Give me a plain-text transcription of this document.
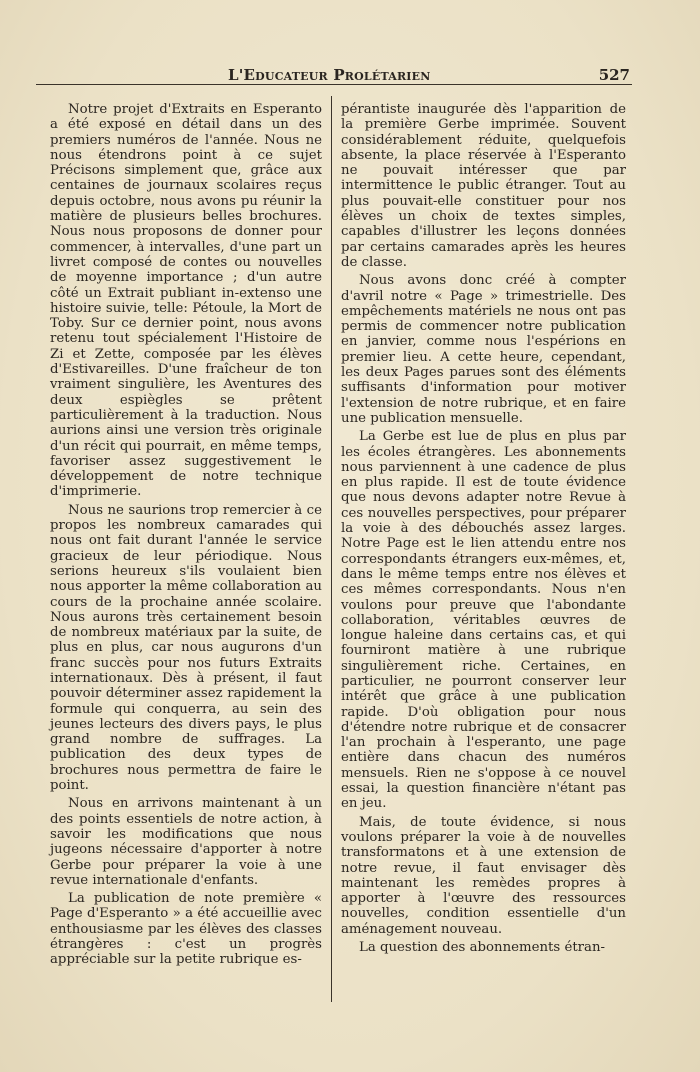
L'Educateur Prolétarien	527

Notre projet d'Extraits en Esperanto a été exposé en détail dans un des premiers numéros de l'année. Nous ne nous étendrons point à ce sujet Précisons simplement que, grâce aux centaines de journaux scolaires reçus depuis octobre, nous avons pu réunir la matière de plusieurs belles brochures. Nous nous proposons de donner pour commencer, à intervalles, d'une part un livret composé de contes ou nouvelles de moyenne importance ; d'un autre côté un Extrait publiant in-extenso une histoire suivie, telle: Pétoule, la Mort de Toby. Sur ce dernier point, nous avons retenu tout spécialement l'Histoire de Zi et Zette, composée par les élèves d'Estivareilles. D'une fraîcheur de ton vraiment singulière, les Aventures des deux espiègles se prêtent particulièrement à la traduction. Nous aurions ainsi une version très originale d'un récit qui pourrait, en même temps, favoriser assez suggestivement le développement de notre technique d'imprimerie.

Nous ne saurions trop remercier à ce propos les nombreux camarades qui nous ont fait durant l'année le service gracieux de leur périodique. Nous serions heureux s'ils voulaient bien nous apporter la même collaboration au cours de la prochaine année scolaire. Nous aurons très certainement besoin de nombreux matériaux par la suite, de plus en plus, car nous augurons d'un franc succès pour nos futurs Extraits internationaux. Dès à présent, il faut pouvoir déterminer assez rapidement la formule qui conquerra, au sein des jeunes lecteurs des divers pays, le plus grand nombre de suffrages. La publication des deux types de brochures nous permettra de faire le point.

Nous en arrivons maintenant à un des points essentiels de notre action, à savoir les modifications que nous jugeons nécessaire d'apporter à notre Gerbe pour préparer la voie à une revue internationale d'enfants.

La publication de note première « Page d'Esperanto » a été accueillie avec enthousiasme par les élèves des classes étrangères : c'est un progrès appréciable sur la petite rubrique es-

pérantiste inaugurée dès l'apparition de la première Gerbe imprimée. Souvent considérablement réduite, quelquefois absente, la place réservée à l'Esperanto ne pouvait intéresser que par intermittence le public étranger. Tout au plus pouvait-elle constituer pour nos élèves un choix de textes simples, capables d'illustrer les leçons données par certains camarades après les heures de classe.

Nous avons donc créé à compter d'avril notre « Page » trimestrielle. Des empêchements matériels ne nous ont pas permis de commencer notre publication en janvier, comme nous l'espérions en premier lieu. A cette heure, cependant, les deux Pages parues sont des éléments suffisants d'information pour motiver l'extension de notre rubrique, et en faire une publication mensuelle.

La Gerbe est lue de plus en plus par les écoles étrangères. Les abonnements nous parviennent à une cadence de plus en plus rapide. Il est de toute évidence que nous devons adapter notre Revue à ces nouvelles perspectives, pour préparer la voie à des débouchés assez larges. Notre Page est le lien attendu entre nos correspondants étrangers eux-mêmes, et, dans le même temps entre nos élèves et ces mêmes correspondants. Nous n'en voulons pour preuve que l'abondante collaboration, véritables œuvres de longue haleine dans certains cas, et qui fourniront matière à une rubrique singulièrement riche. Certaines, en particulier, ne pourront conserver leur intérêt que grâce à une publication rapide. D'où obligation pour nous d'étendre notre rubrique et de consacrer l'an prochain à l'esperanto, une page entière dans chacun des numéros mensuels. Rien ne s'oppose à ce nouvel essai, la question financière n'étant pas en jeu.

Mais, de toute évidence, si nous voulons préparer la voie à de nouvelles transformatons et à une extension de notre revue, il faut envisager dès maintenant les remèdes propres à apporter à l'œuvre des ressources nouvelles, condition essentielle d'un aménagement nouveau.

La question des abonnements étran-
